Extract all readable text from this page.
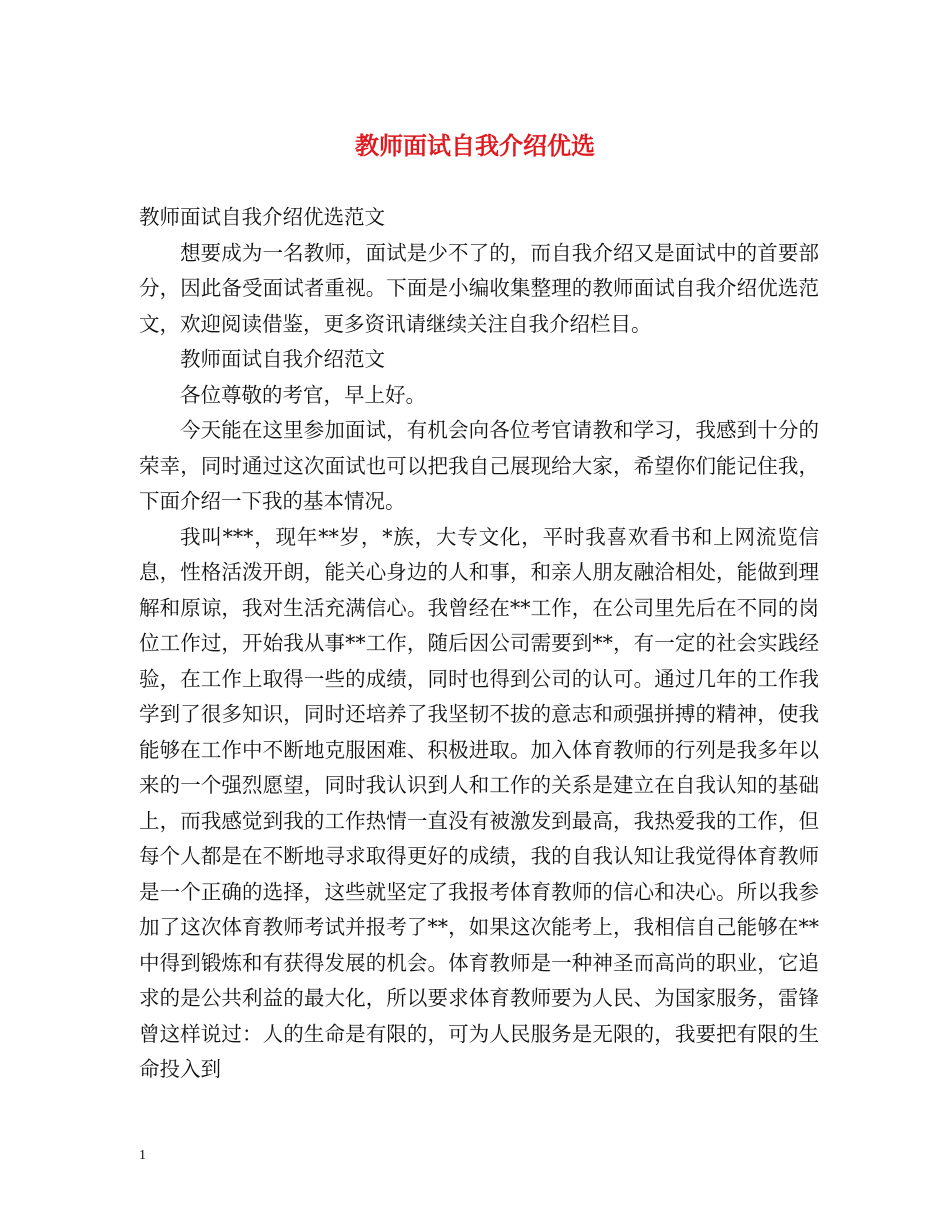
教师面试自我介绍优选

教师面试自我介绍优选范文

想要成为一名教师，面试是少不了的，而自我介绍又是面试中的首要部分，因此备受面试者重视。下面是小编收集整理的教师面试自我介绍优选范文，欢迎阅读借鉴，更多资讯请继续关注自我介绍栏目。

教师面试自我介绍范文

各位尊敬的考官，早上好。

今天能在这里参加面试，有机会向各位考官请教和学习，我感到十分的荣幸，同时通过这次面试也可以把我自己展现给大家，希望你们能记住我，下面介绍一下我的基本情况。

我叫***，现年**岁，*族，大专文化，平时我喜欢看书和上网流览信息，性格活泼开朗，能关心身边的人和事，和亲人朋友融洽相处，能做到理解和原谅，我对生活充满信心。我曾经在**工作，在公司里先后在不同的岗位工作过，开始我从事**工作，随后因公司需要到**，有一定的社会实践经验，在工作上取得一些的成绩，同时也得到公司的认可。通过几年的工作我学到了很多知识，同时还培养了我坚韧不拔的意志和顽强拼搏的精神，使我能够在工作中不断地克服困难、积极进取。加入体育教师的行列是我多年以来的一个强烈愿望，同时我认识到人和工作的关系是建立在自我认知的基础上，而我感觉到我的工作热情一直没有被激发到最高，我热爱我的工作，但每个人都是在不断地寻求取得更好的成绩，我的自我认知让我觉得体育教师是一个正确的选择，这些就坚定了我报考体育教师的信心和决心。所以我参加了这次体育教师考试并报考了**，如果这次能考上，我相信自己能够在**中得到锻炼和有获得发展的机会。体育教师是一种神圣而高尚的职业，它追求的是公共利益的最大化，所以要求体育教师要为人民、为国家服务，雷锋曾这样说过：人的生命是有限的，可为人民服务是无限的，我要把有限的生命投入到

1
